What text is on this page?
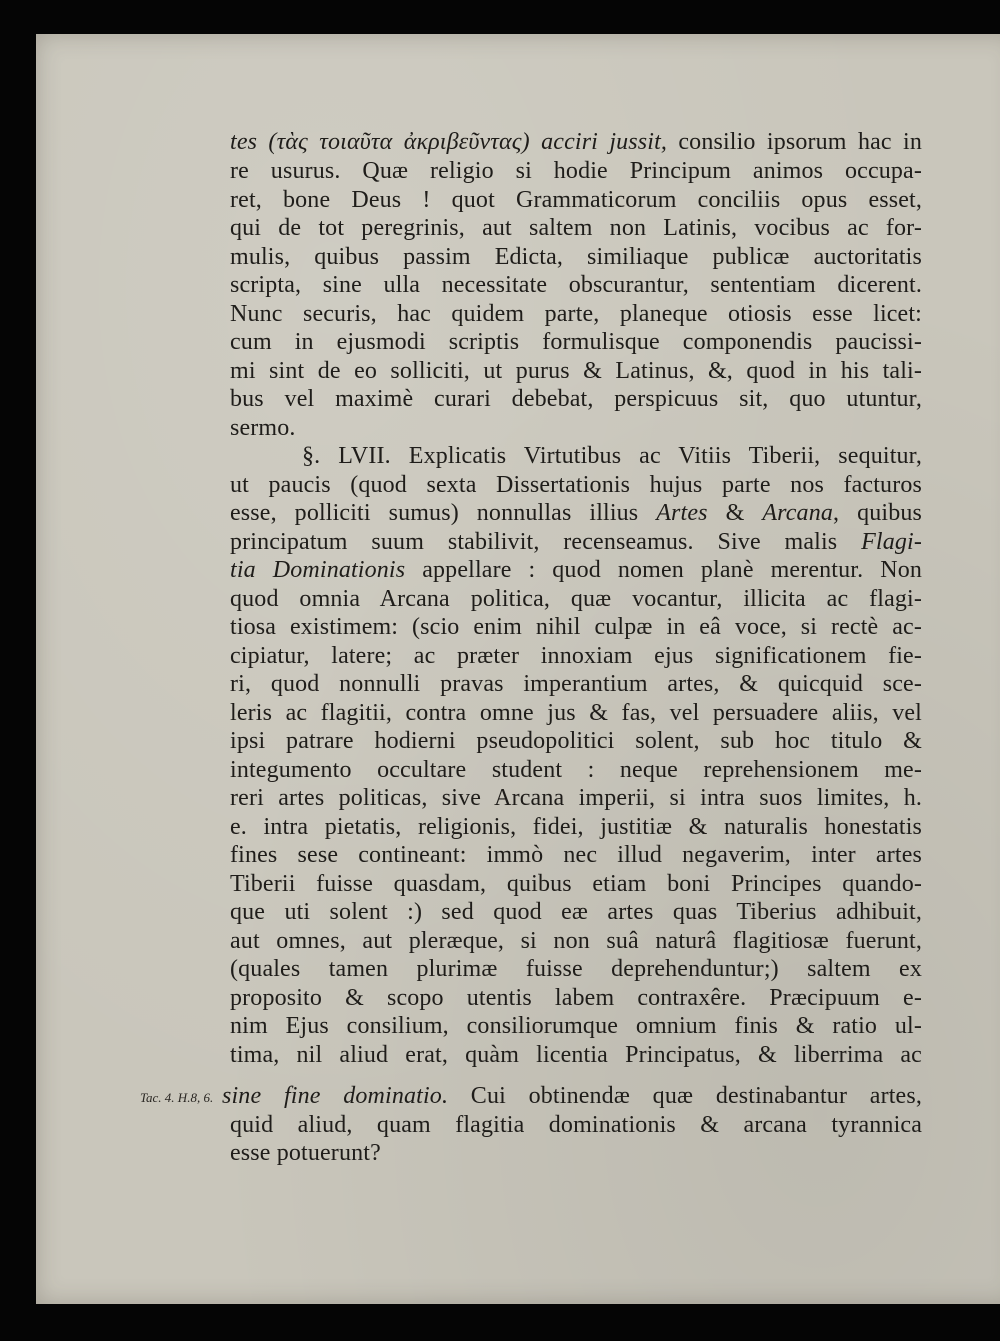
tes (τὰς τοιαῦτα ἀκριβεῦντας) acciri jussit, consilio ipsorum hac in
re usurus. Quæ religio si hodie Principum animos occupa-
ret, bone Deus ! quot Grammaticorum conciliis opus esset,
qui de tot peregrinis, aut saltem non Latinis, vocibus ac for-
mulis, quibus passim Edicta, similiaque publicæ auctoritatis
scripta, sine ulla necessitate obscurantur, sententiam dicerent.
Nunc securis, hac quidem parte, planeque otiosis esse licet:
cum in ejusmodi scriptis formulisque componendis paucissi-
mi sint de eo solliciti, ut purus & Latinus, &, quod in his tali-
bus vel maximè curari debebat, perspicuus sit, quo utuntur,
sermo.
§. LVII. Explicatis Virtutibus ac Vitiis Tiberii, sequitur,
ut paucis (quod sexta Dissertationis hujus parte nos facturos
esse, polliciti sumus) nonnullas illius Artes & Arcana, quibus
principatum suum stabilivit, recenseamus. Sive malis Flagi-
tia Dominationis appellare : quod nomen planè merentur. Non
quod omnia Arcana politica, quæ vocantur, illicita ac flagi-
tiosa existimem: (scio enim nihil culpæ in eâ voce, si rectè ac-
cipiatur, latere; ac præter innoxiam ejus significationem fie-
ri, quod nonnulli pravas imperantium artes, & quicquid sce-
leris ac flagitii, contra omne jus & fas, vel persuadere aliis, vel
ipsi patrare hodierni pseudopolitici solent, sub hoc titulo &
integumento occultare student : neque reprehensionem me-
reri artes politicas, sive Arcana imperii, si intra suos limites, h.
e. intra pietatis, religionis, fidei, justitiæ & naturalis honestatis
fines sese contineant: immò nec illud negaverim, inter artes
Tiberii fuisse quasdam, quibus etiam boni Principes quando-
que uti solent :) sed quod eæ artes quas Tiberius adhibuit,
aut omnes, aut pleræque, si non suâ naturâ flagitiosæ fuerunt,
(quales tamen plurimæ fuisse deprehenduntur;) saltem ex
proposito & scopo utentis labem contraxêre. Præcipuum e-
nim Ejus consilium, consiliorumque omnium finis & ratio ul-
tima, nil aliud erat, quàm licentia Principatus, & liberrima ac
sine fine dominatio. Cui obtinendæ quæ destinabantur artes,
quid aliud, quam flagitia dominationis & arcana tyrannica
esse potuerunt?
Tac. 4. H.8, 6.
